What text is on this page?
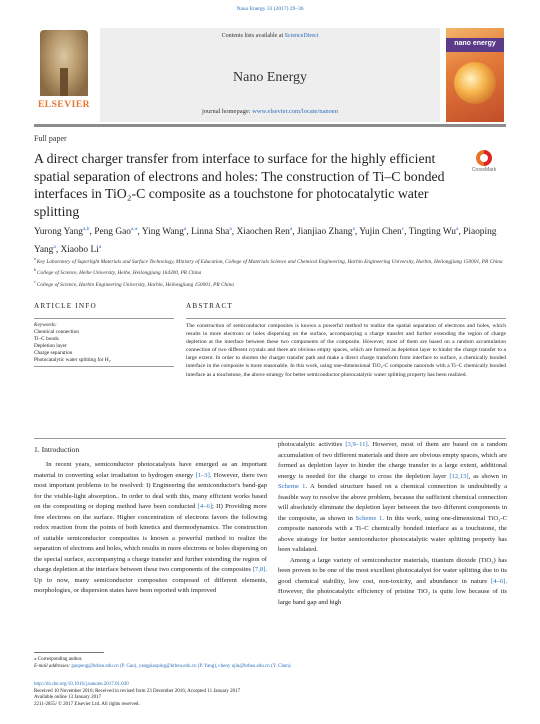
Nano Energy 33 (2017) 29–36
ELSEVIER
Contents lists available at ScienceDirect
Nano Energy
journal homepage: www.elsevier.com/locate/nanoen
nano energy
Full paper
A direct charger transfer from interface to surface for the highly efficient spatial separation of electrons and holes: The construction of Ti–C bonded interfaces in TiO₂-C composite as a touchstone for photocatalytic water splitting
CrossMark
Yurong Yang$^{a,b}$, Peng Gao$^{a,⁎}$, Ying Wang$^a$, Linna Sha$^a$, Xiaochen Ren$^a$, Jianjiao Zhang$^a$, Yujin Chen$^c$, Tingting Wu$^a$, Piaoping Yang$^a$, Xiaobo Li$^a$
$^a$ Key Laboratory of Superlight Materials and Surface Technology, Ministry of Education, College of Materials Science and Chemical Engineering, Harbin Engineering University, Harbin, Heilongjiang 150001, PR China
$^b$ College of Science, Heihe University, Heihe, Heilongjiang 164300, PR China
$^c$ College of Science, Harbin Engineering University, Harbin, Heilongjiang 150001, PR China
ARTICLE INFO	ABSTRACT
Keywords:
Chemical connection
Ti–C bonds
Depletion layer
Charge separation
Photocatalytic water splitting for H₂
The construction of semiconductor composites is known a powerful method to realize the spatial separation of electrons and holes, which results in more electrons or holes dispersing on the surface, accompanying a charge transfer and further extending the region of charge depletion at the interface between these two components of the composite. However, most of them are based on a random accumulation connection of two different crystals and there are obvious empty spaces, which are formed as depletion layer to hinder the charge transfer to a large extent. In order to shorten the charger transfer path and make a direct charge transform from interface to surface, a chemically bonded interface in the composite is more reasonable. In this work, using one-dimensional TiO₂-C composite nanorods with a Ti–C chemically bonded interface as a touchstone, the above strategy for better semiconductor photocatalytic water splitting property has been realized.
1. Introduction
In recent years, semiconductor photocatalysis have emerged as an important material in converting solar irradiation to hydrogen energy [1–3]. However, there two most important problems to be resolved: I) Engineering the semiconductor's band-gap for the visible-light absorption.. In order to deal with this, many efficient works based on the compositing or doping method have been conducted [4–6]; II) Providing more free electrons on the surface. Higher concentration of electrons favors the following redox reaction from the points of both kinetics and thermodynamics. The construction of suitable semiconductor composites is known a powerful method to realize the separation of electrons and holes, which results in more electrons or holes dispersing on the special surface, accompanying a charge transfer and further extending the region of charge depletion at the interface between these two components of the composites [7,8]. Up to now, many semiconductor composites composed of different elements, morphologies, or dispersion states have been reported with improved

photocatalytic activities [3,9–11]. However, most of them are based on a random accumulation of two different materials and there are obvious empty spaces, which are formed as depletion layer to hinder the charge transfer to a large extent, additional energy is needed for the charge to cross the depletion layer [12,13], as shown in Scheme 1. A bonded structure based on a chemical connection is undoubtedly a feasible way to resolve the above problem, because the sufficient chemical connection will absolutely eliminate the depletion layer between the two different components in the composite, as shown in Scheme 1. In this work, using one-dimensional TiO₂-C composite nanorods with a Ti–C chemically bonded interface as a touchstone, the above strategy for better semiconductor photocatalytic water splitting property has been validated.

Among a large variety of semiconductor materials, titanium dioxide (TiO₂) has been proven to be one of the most excellent photocatalyst for water splitting due to its good chemical stability, low cost, non-toxicity, and abundance in nature [4–6]. However, the photocatalytic efficiency of pristine TiO₂ is quite low because of its large band gap and high

⁎ Corresponding author.
E-mail addresses: gaopeng@hrbeu.edu.cn (P. Gao), yangpiaoping@hrbeu.edu.cn (P. Yang), cheny ujin@hrbeu.edu.cn (Y. Chen).
http://dx.doi.org/10.1016/j.nanoen.2017.01.030
Received 10 November 2016; Received in revised form 23 December 2016; Accepted 11 January 2017
Available online 13 January 2017
2211-2855/ © 2017 Elsevier Ltd. All rights reserved.
